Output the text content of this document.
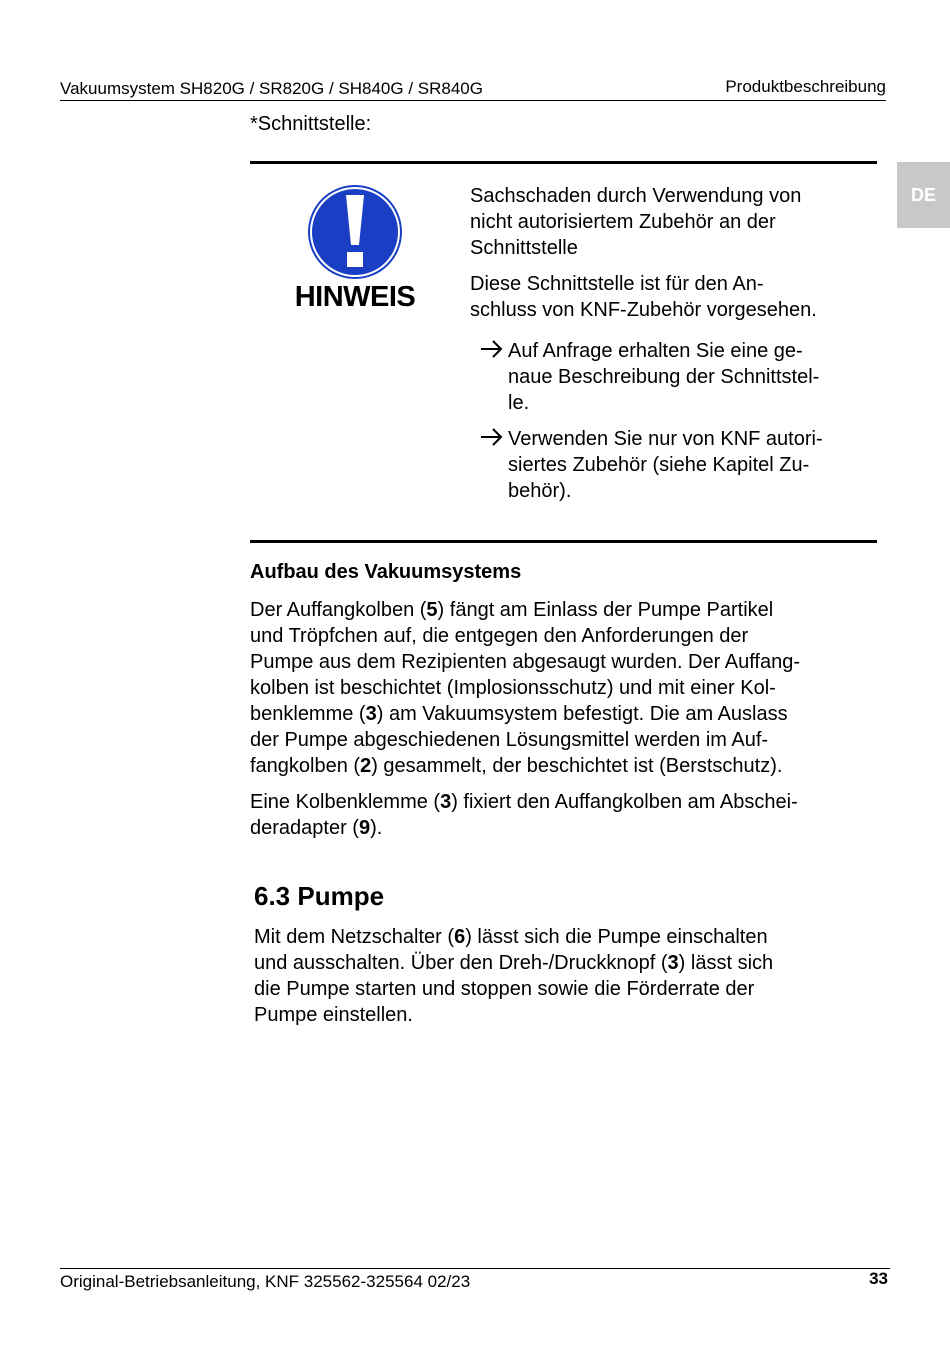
Vakuumsystem SH820G / SR820G / SH840G / SR840G	Produktbeschreibung
DE
*Schnittstelle:
HINWEIS
Sachschaden durch Verwendung von
nicht autorisiertem Zubehör an der
Schnittstelle
Diese Schnittstelle ist für den An-
schluss von KNF-Zubehör vorgesehen.
Auf Anfrage erhalten Sie eine ge-
naue Beschreibung der Schnittstel-
le.
Verwenden Sie nur von KNF autori-
siertes Zubehör (siehe Kapitel Zu-
behör).
Aufbau des Vakuumsystems
Der Auffangkolben (5) fängt am Einlass der Pumpe Partikel
und Tröpfchen auf, die entgegen den Anforderungen der
Pumpe aus dem Rezipienten abgesaugt wurden. Der Auffang-
kolben ist beschichtet (Implosionsschutz) und mit einer Kol-
benklemme (3) am Vakuumsystem befestigt. Die am Auslass
der Pumpe abgeschiedenen Lösungsmittel werden im Auf-
fangkolben (2) gesammelt, der beschichtet ist (Berstschutz).
Eine Kolbenklemme (3) fixiert den Auffangkolben am Abschei-
deradapter (9).
6.3 Pumpe
Mit dem Netzschalter (6) lässt sich die Pumpe einschalten
und ausschalten. Über den Dreh-/Druckknopf (3) lässt sich
die Pumpe starten und stoppen sowie die Förderrate der
Pumpe einstellen.
Original-Betriebsanleitung, KNF 325562-325564 02/23	33
